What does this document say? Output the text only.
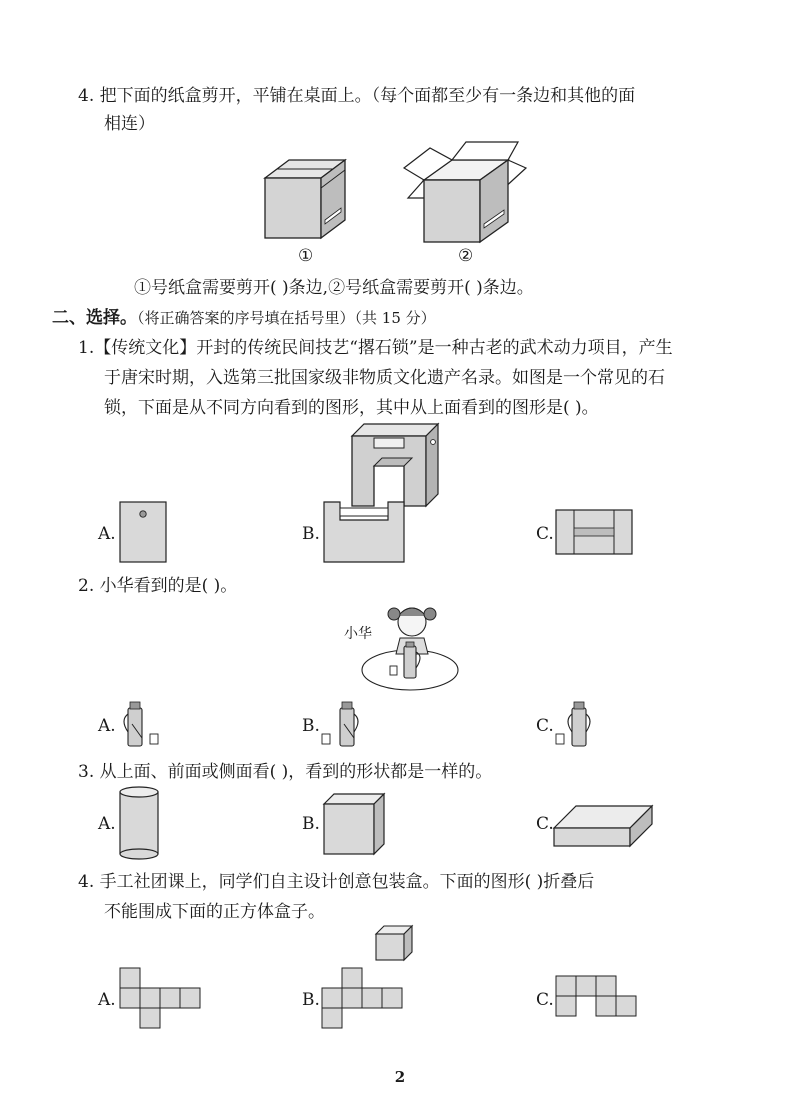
4. 把下面的纸盒剪开，平铺在桌面上。（每个面都至少有一条边和其他的面
相连）
①	②
①号纸盒需要剪开( )条边,②号纸盒需要剪开( )条边。
二、选择。（将正确答案的序号填在括号里）（共 15 分）
1.【传统文化】开封的传统民间技艺“撂石锁”是一种古老的武术动力项目，产生
于唐宋时期，入选第三批国家级非物质文化遗产名录。如图是一个常见的石
锁，下面是从不同方向看到的图形，其中从上面看到的图形是( )。
A.	B.	C.
2. 小华看到的是( )。
小华
A.	B.	C.
3. 从上面、前面或侧面看( )，看到的形状都是一样的。
A.	B.	C.
4. 手工社团课上，同学们自主设计创意包装盒。下面的图形( )折叠后
不能围成下面的正方体盒子。
A.	B.	C.
2
